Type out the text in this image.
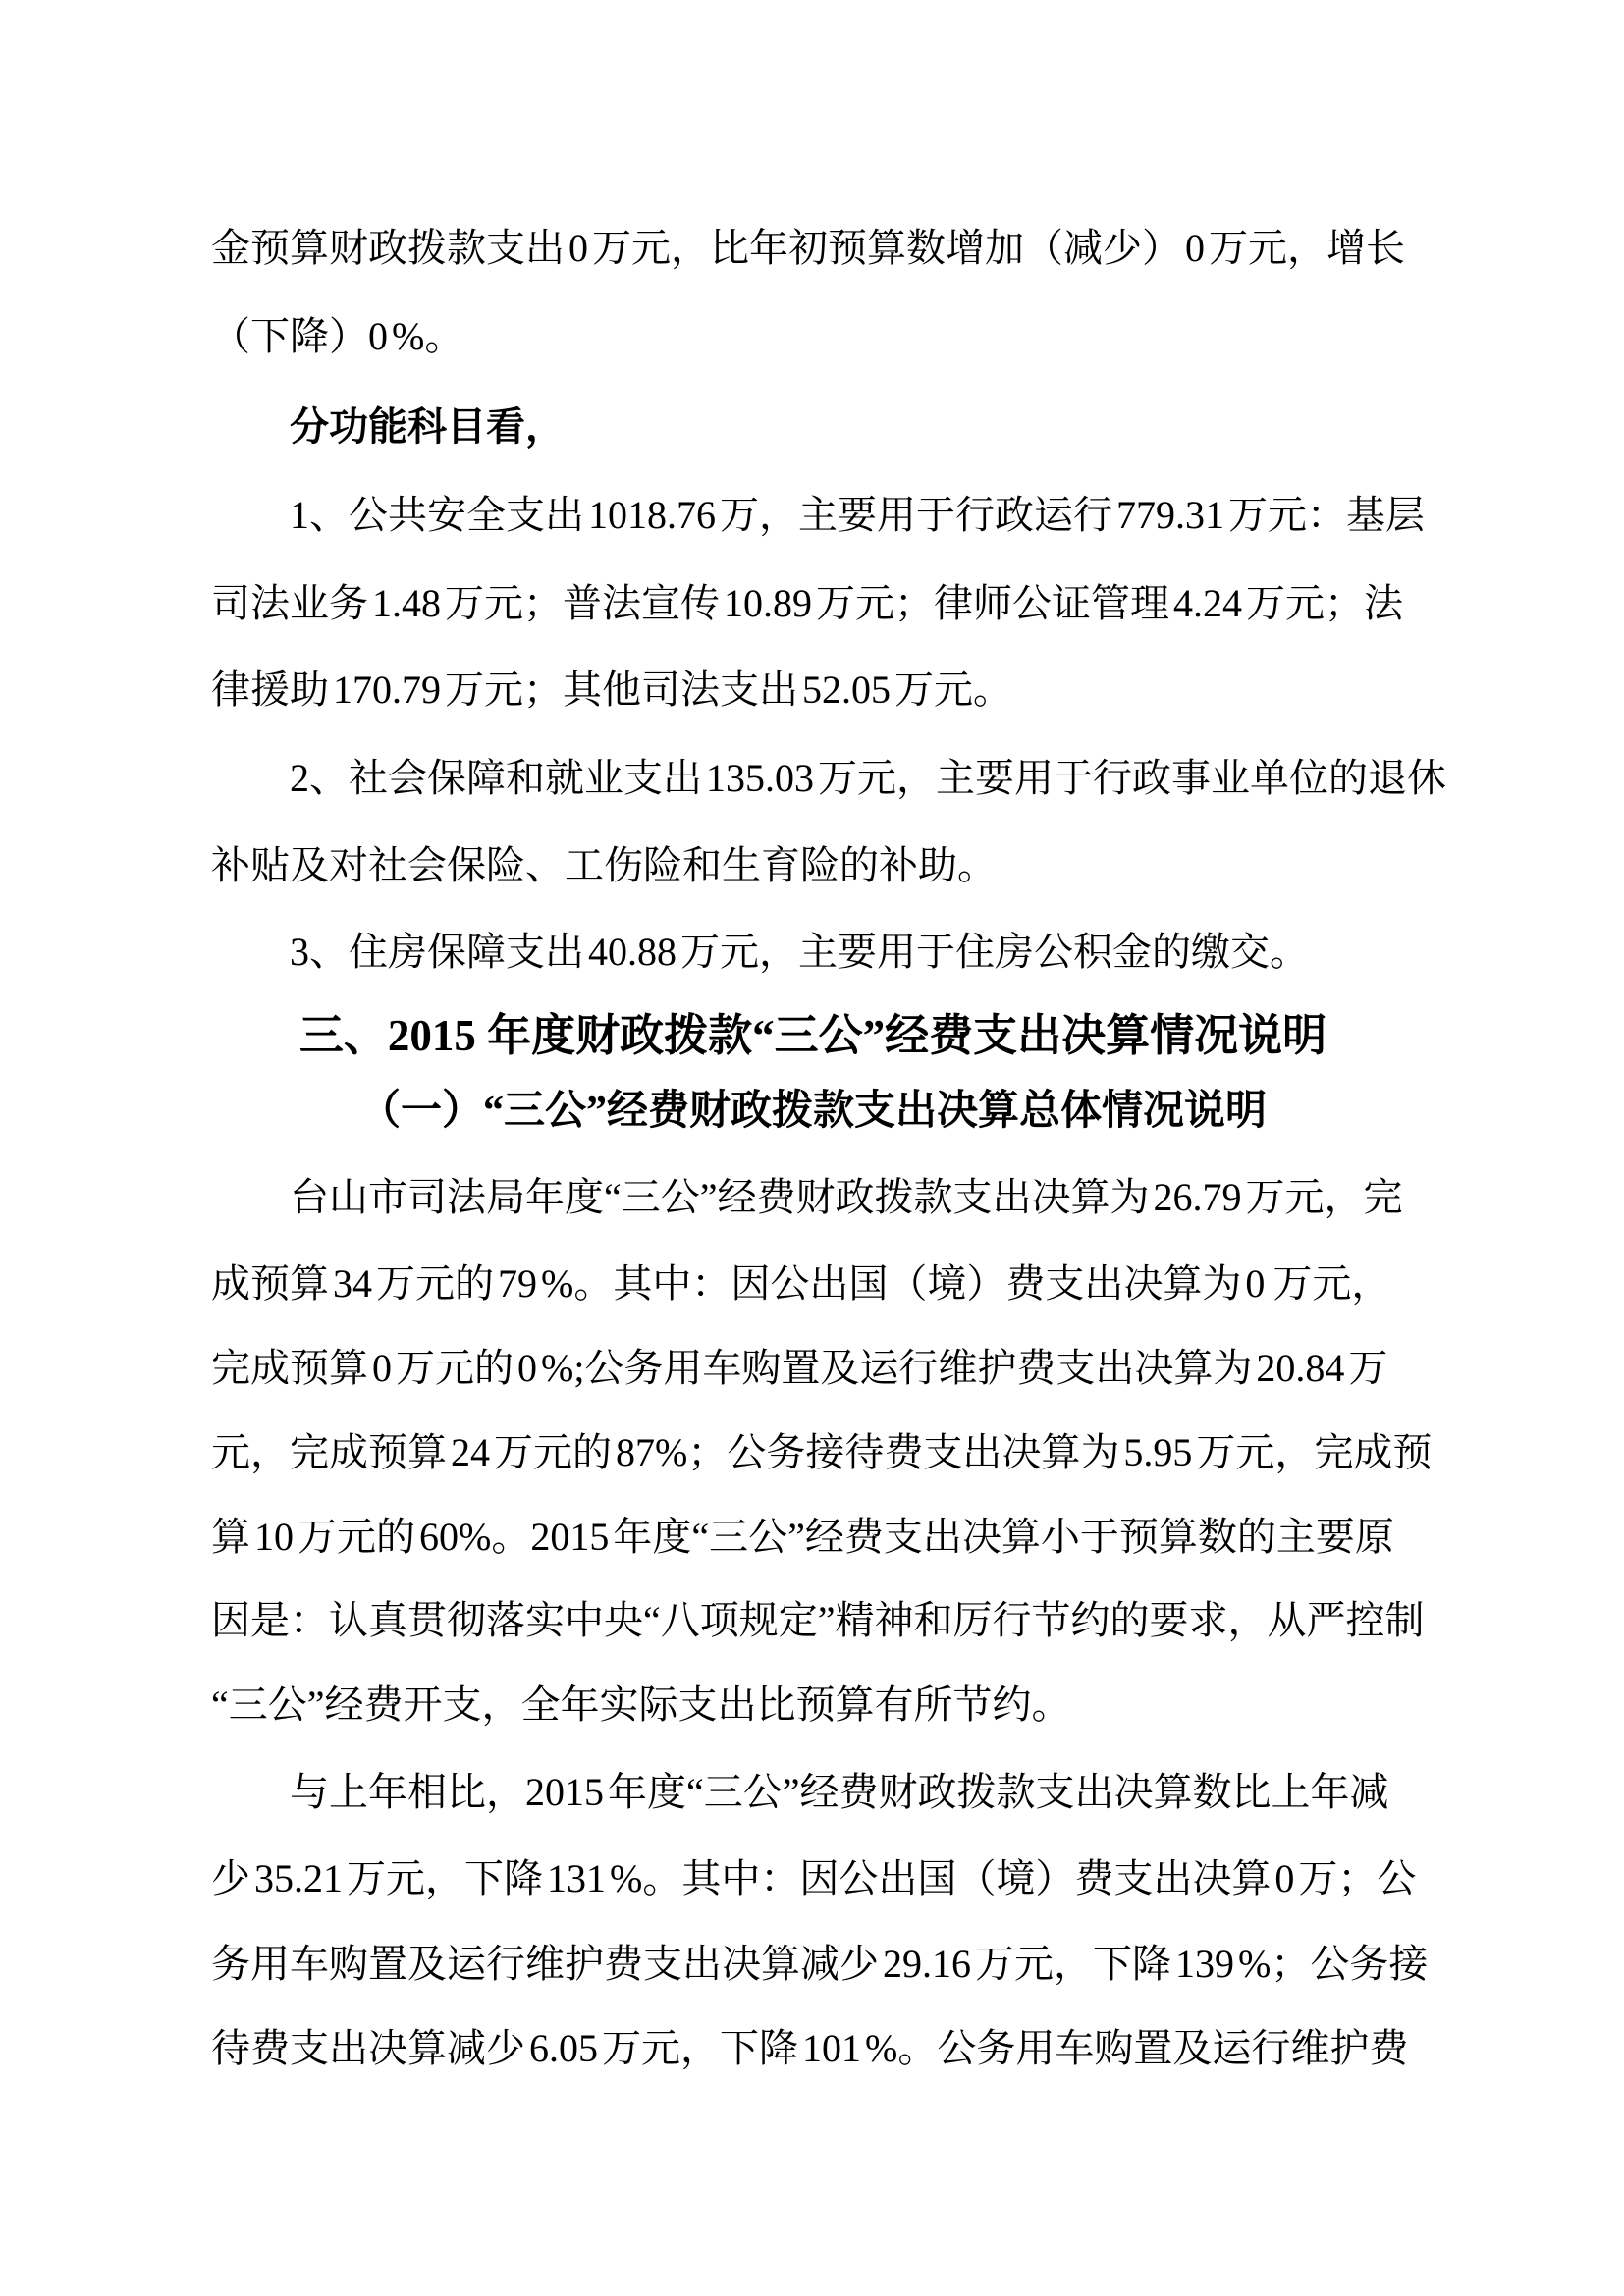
金预算财政拨款支出 0 万元，比年初预算数增加（减少） 0 万元，增长
（下降）0 %。
分功能科目看，
1、公共安全支出 1018.76 万，主要用于行政运行 779.31 万元：基层
司法业务 1.48 万元；普法宣传 10.89 万元；律师公证管理 4.24 万元；法
律援助 170.79 万元；其他司法支出 52.05 万元。
2、社会保障和就业支出 135.03 万元，主要用于行政事业单位的退休
补贴及对社会保险、工伤险和生育险的补助。
3、住房保障支出 40.88 万元，主要用于住房公积金的缴交。
三、2015 年度财政拨款“三公”经费支出决算情况说明
（一）“三公”经费财政拨款支出决算总体情况说明
台山市司法局年度“三公”经费财政拨款支出决算为 26.79 万元，完
成预算 34 万元的 79 %。其中：因公出国（境）费支出决算为 0  万元，
完成预算 0 万元的 0 %;公务用车购置及运行维护费支出决算为 20.84 万
元，完成预算 24 万元的 87%；公务接待费支出决算为 5.95 万元，完成预
算 10 万元的 60%。2015 年度“三公”经费支出决算小于预算数的主要原
因是：认真贯彻落实中央“八项规定”精神和厉行节约的要求，从严控制
“三公”经费开支，全年实际支出比预算有所节约。
与上年相比，2015 年度“三公”经费财政拨款支出决算数比上年减
少 35.21 万元，下降 131 %。其中：因公出国（境）费支出决算 0 万；公
务用车购置及运行维护费支出决算减少 29.16 万元，下降 139 %；公务接
待费支出决算减少 6.05 万元，下降 101 %。公务用车购置及运行维护费
